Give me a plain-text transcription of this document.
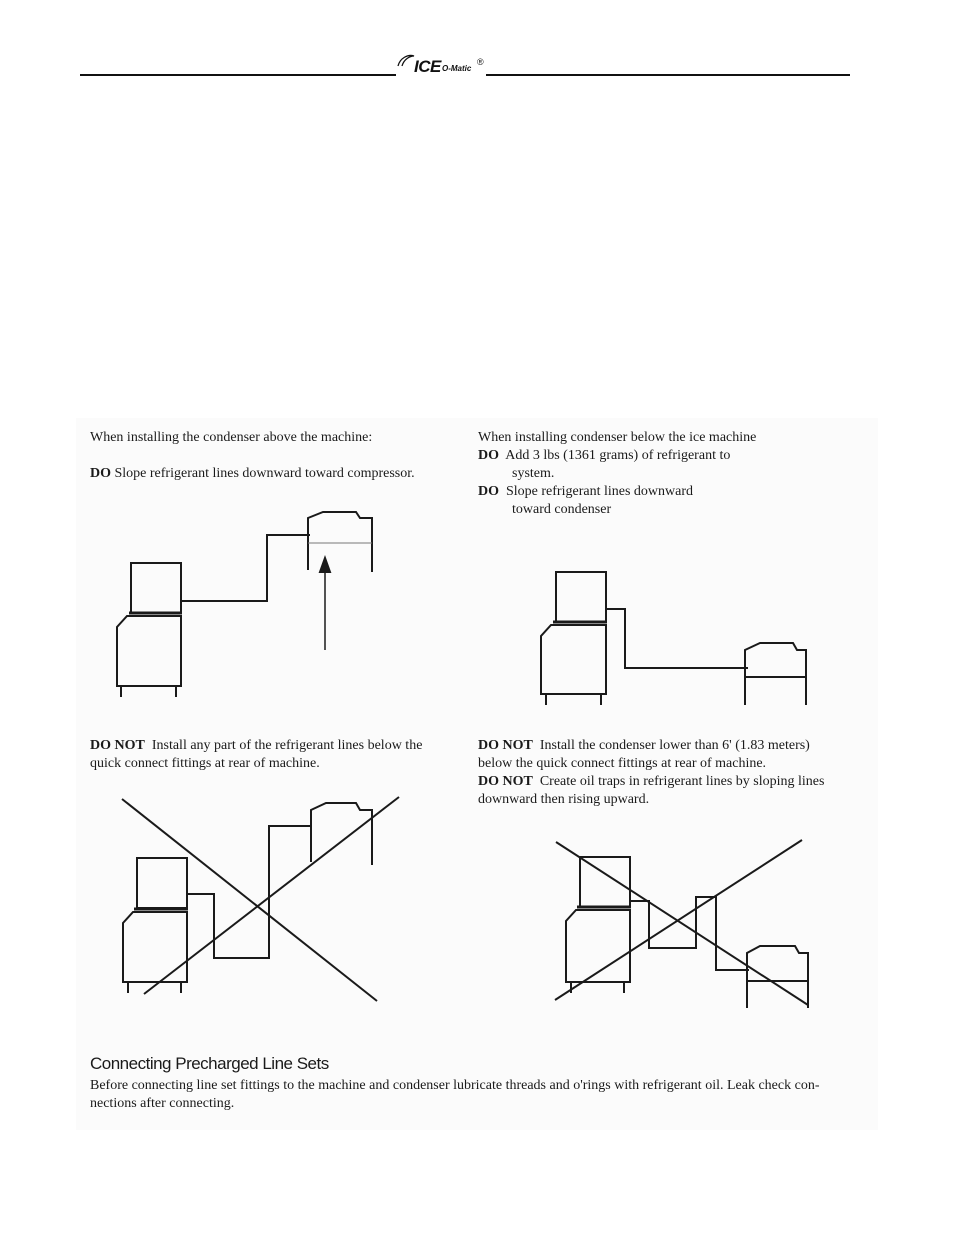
ICE O-Matic
®
When installing the condenser above the machine:
DO Slope refrigerant lines downward toward compressor.
When installing condenser below the ice machine
DO Add 3 lbs (1361 grams) of refrigerant to
system.
DO Slope refrigerant lines downward
toward condenser
DO NOT Install any part of the refrigerant lines below the
quick connect fittings at rear of machine.
DO NOT Install the condenser lower than 6' (1.83 meters)
below the quick connect fittings at rear of machine.
DO NOT Create oil traps in refrigerant lines by sloping lines
downward then rising upward.
Connecting Precharged Line Sets
Before connecting line set fittings to the machine and condenser lubricate threads and o'rings with refrigerant oil. Leak check con-
nections after connecting.
